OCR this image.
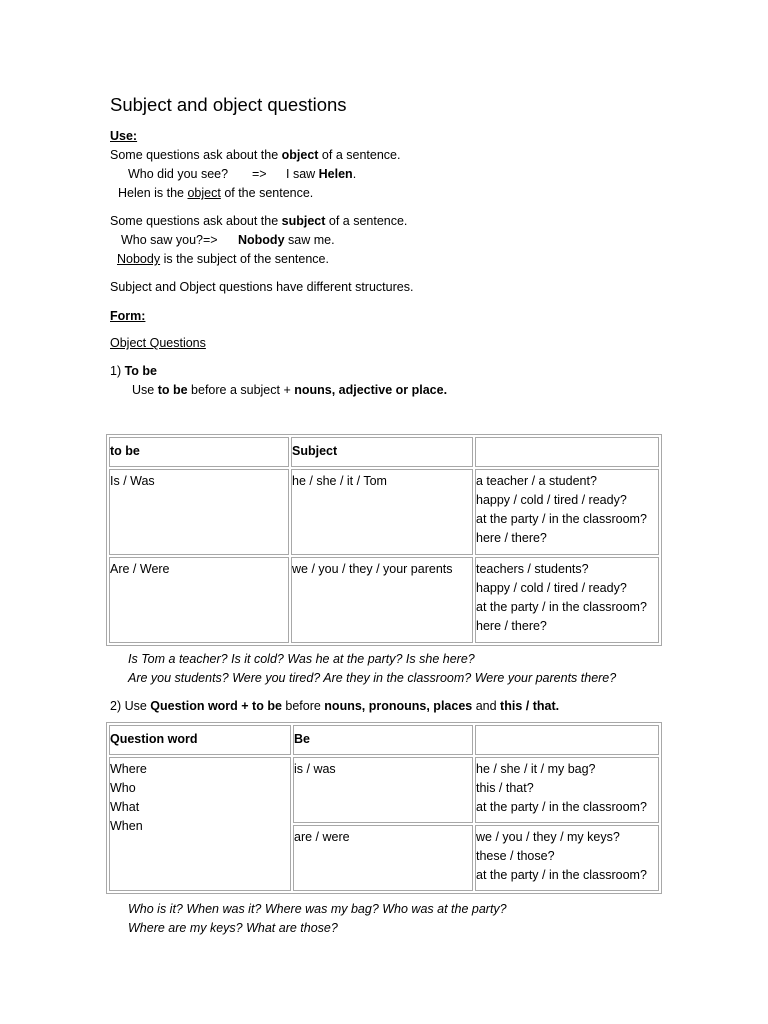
Subject and object questions
Use:
Some questions ask about the object of a sentence.
Who did you see? => I saw Helen.
Helen is the object of the sentence.
Some questions ask about the subject of a sentence.
Who saw you?=> Nobody saw me.
Nobody is the subject of the sentence.
Subject and Object questions have different structures.
Form:
Object Questions
1) To be
Use to be before a subject + nouns, adjective or place.
to be	Subject	
Is / Was	he / she / it / Tom	a teacher / a student?
happy / cold / tired / ready?
at the party / in the classroom?
here / there?

Are / Were	we / you / they / your parents	teachers / students?
happy / cold / tired / ready?
at the party / in the classroom?
here / there?
Is Tom a teacher? Is it cold? Was he at the party? Is she here?
Are you students? Were you tired? Are they in the classroom? Were your parents there?
2) Use Question word + to be before nouns, pronouns, places and this / that.
Question word	Be	

Where
Who
What
When	is / was	he / she / it / my bag?
this / that?
at the party / in the classroom?

	are / were	we / you / they / my keys?
these / those?
at the party / in the classroom?
Who is it? When was it? Where was my bag? Who was at the party?
Where are my keys? What are those?
